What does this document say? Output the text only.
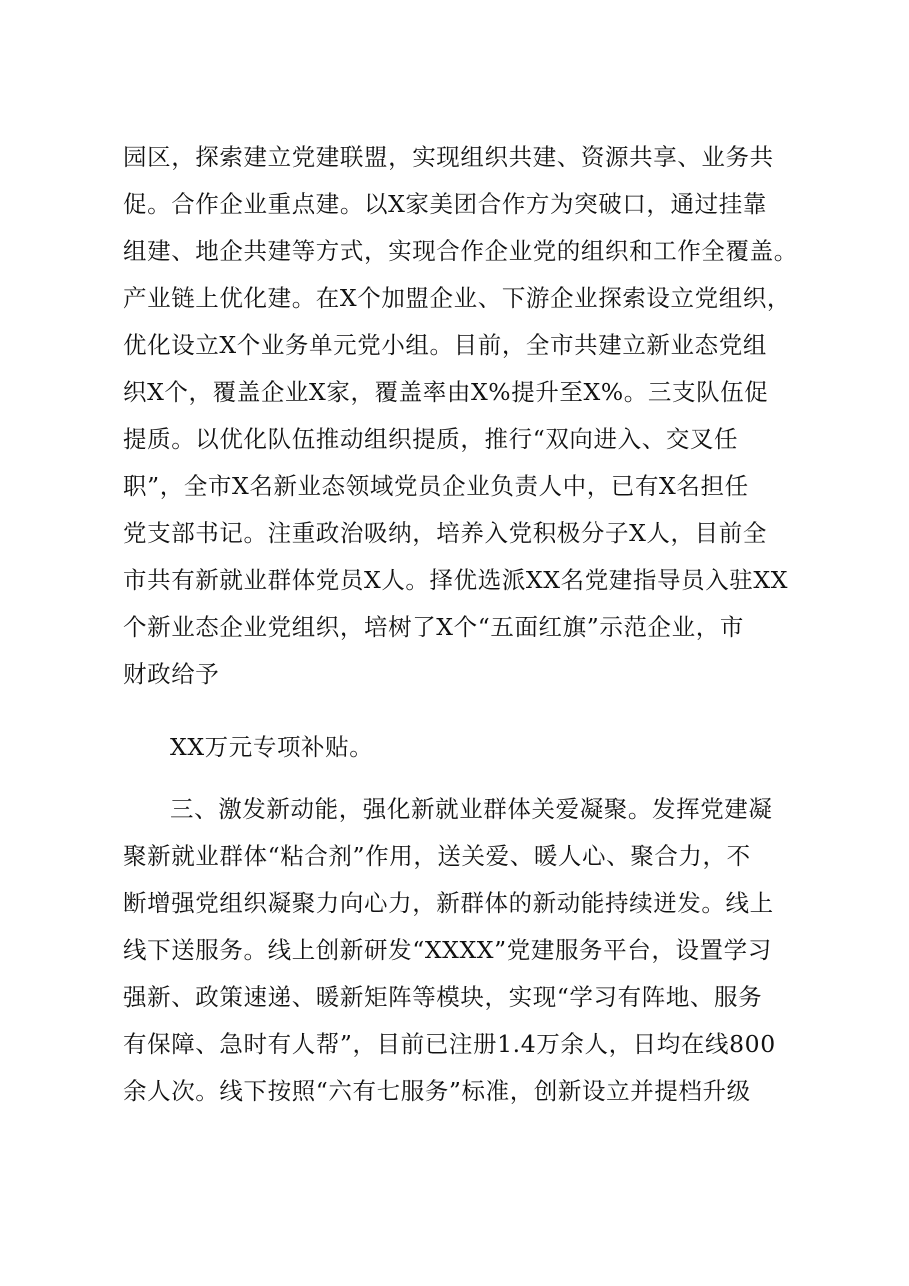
园区，探索建立党建联盟，实现组织共建、资源共享、业务共
促。合作企业重点建。以X家美团合作方为突破口，通过挂靠
组建、地企共建等方式，实现合作企业党的组织和工作全覆盖。
产业链上优化建。在X个加盟企业、下游企业探索设立党组织，
优化设立X个业务单元党小组。目前，全市共建立新业态党组
织X个，覆盖企业X家，覆盖率由X%提升至X%。三支队伍促
提质。以优化队伍推动组织提质，推行“双向进入、交叉任
职”，全市X名新业态领域党员企业负责人中，已有X名担任
党支部书记。注重政治吸纳，培养入党积极分子X人，目前全
市共有新就业群体党员X人。择优选派XX名党建指导员入驻XX
个新业态企业党组织，培树了X个“五面红旗”示范企业，市
财政给予
XX万元专项补贴。
三、激发新动能，强化新就业群体关爱凝聚。发挥党建凝
聚新就业群体“粘合剂”作用，送关爱、暖人心、聚合力，不
断增强党组织凝聚力向心力，新群体的新动能持续迸发。线上
线下送服务。线上创新研发“XXXX”党建服务平台，设置学习
强新、政策速递、暖新矩阵等模块，实现“学习有阵地、服务
有保障、急时有人帮”，目前已注册1.4万余人，日均在线800
余人次。线下按照“六有七服务”标准，创新设立并提档升级
